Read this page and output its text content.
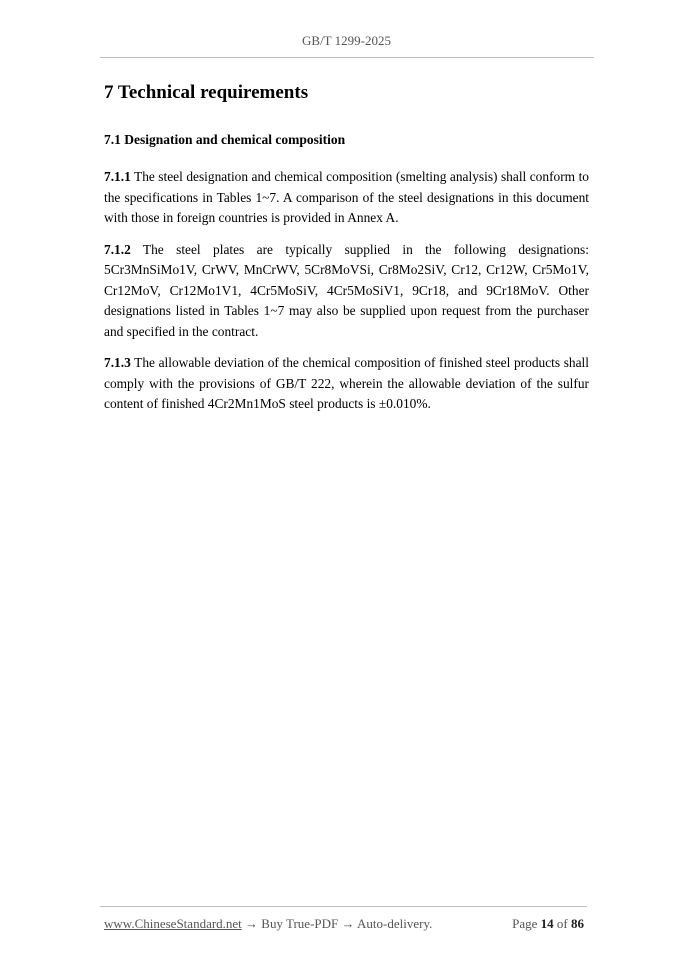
GB/T 1299-2025
7 Technical requirements
7.1 Designation and chemical composition

7.1.1 The steel designation and chemical composition (smelting analysis) shall conform to the specifications in Tables 1~7. A comparison of the steel designations in this document with those in foreign countries is provided in Annex A.

7.1.2 The steel plates are typically supplied in the following designations: 5Cr3MnSiMo1V, CrWV, MnCrWV, 5Cr8MoVSi, Cr8Mo2SiV, Cr12, Cr12W, Cr5Mo1V, Cr12MoV, Cr12Mo1V1, 4Cr5MoSiV, 4Cr5MoSiV1, 9Cr18, and 9Cr18MoV. Other designations listed in Tables 1~7 may also be supplied upon request from the purchaser and specified in the contract.

7.1.3 The allowable deviation of the chemical composition of finished steel products shall comply with the provisions of GB/T 222, wherein the allowable deviation of the sulfur content of finished 4Cr2Mn1MoS steel products is ±0.010%.

www.ChineseStandard.net → Buy True-PDF → Auto-delivery.	Page 14 of 86
